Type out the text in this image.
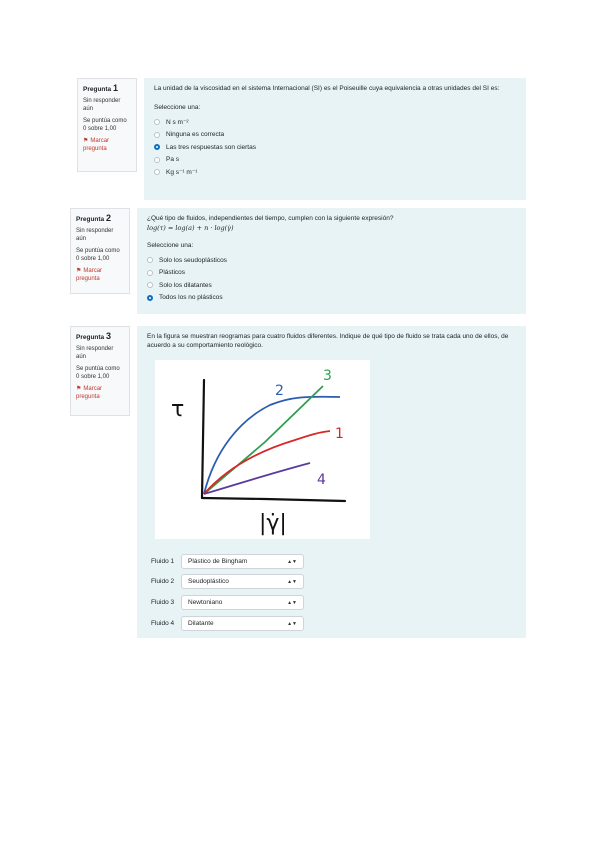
Pregunta 1
Sin responder
aún
Se puntúa como
0 sobre 1,00
⚑ Marcar
pregunta
La unidad de la viscosidad en el sistema Internacional (SI) es el Poiseuille cuya equivalencia a otras unidades del SI es:
Seleccione una:
N s m⁻²
Ninguna es correcta
Las tres respuestas son ciertas
Pa s
Kg s⁻¹ m⁻¹
Pregunta 2
Sin responder
aún
Se puntúa como
0 sobre 1,00
⚑ Marcar
pregunta
¿Qué tipo de fluidos, independientes del tiempo, cumplen con la siguiente expresión?
log(τ) = log(a) + n · log(γ̇)
Seleccione una:
Solo los seudoplásticos
Plásticos
Solo los dilatantes
Todos los no plásticos
Pregunta 3
Sin responder
aún
Se puntúa como
0 sobre 1,00
⚑ Marcar
pregunta
En la figura se muestran reogramas para cuatro fluidos diferentes. Indique de qué tipo de fluido se trata cada uno de ellos, de acuerdo a su comportamiento reológico.
τ
|γ̇|
1
2
3
4
Fluido 1	Plástico de Bingham	▲▼
Fluido 2	Seudoplástico	▲▼
Fluido 3	Newtoniano	▲▼
Fluido 4	Dilatante	▲▼
